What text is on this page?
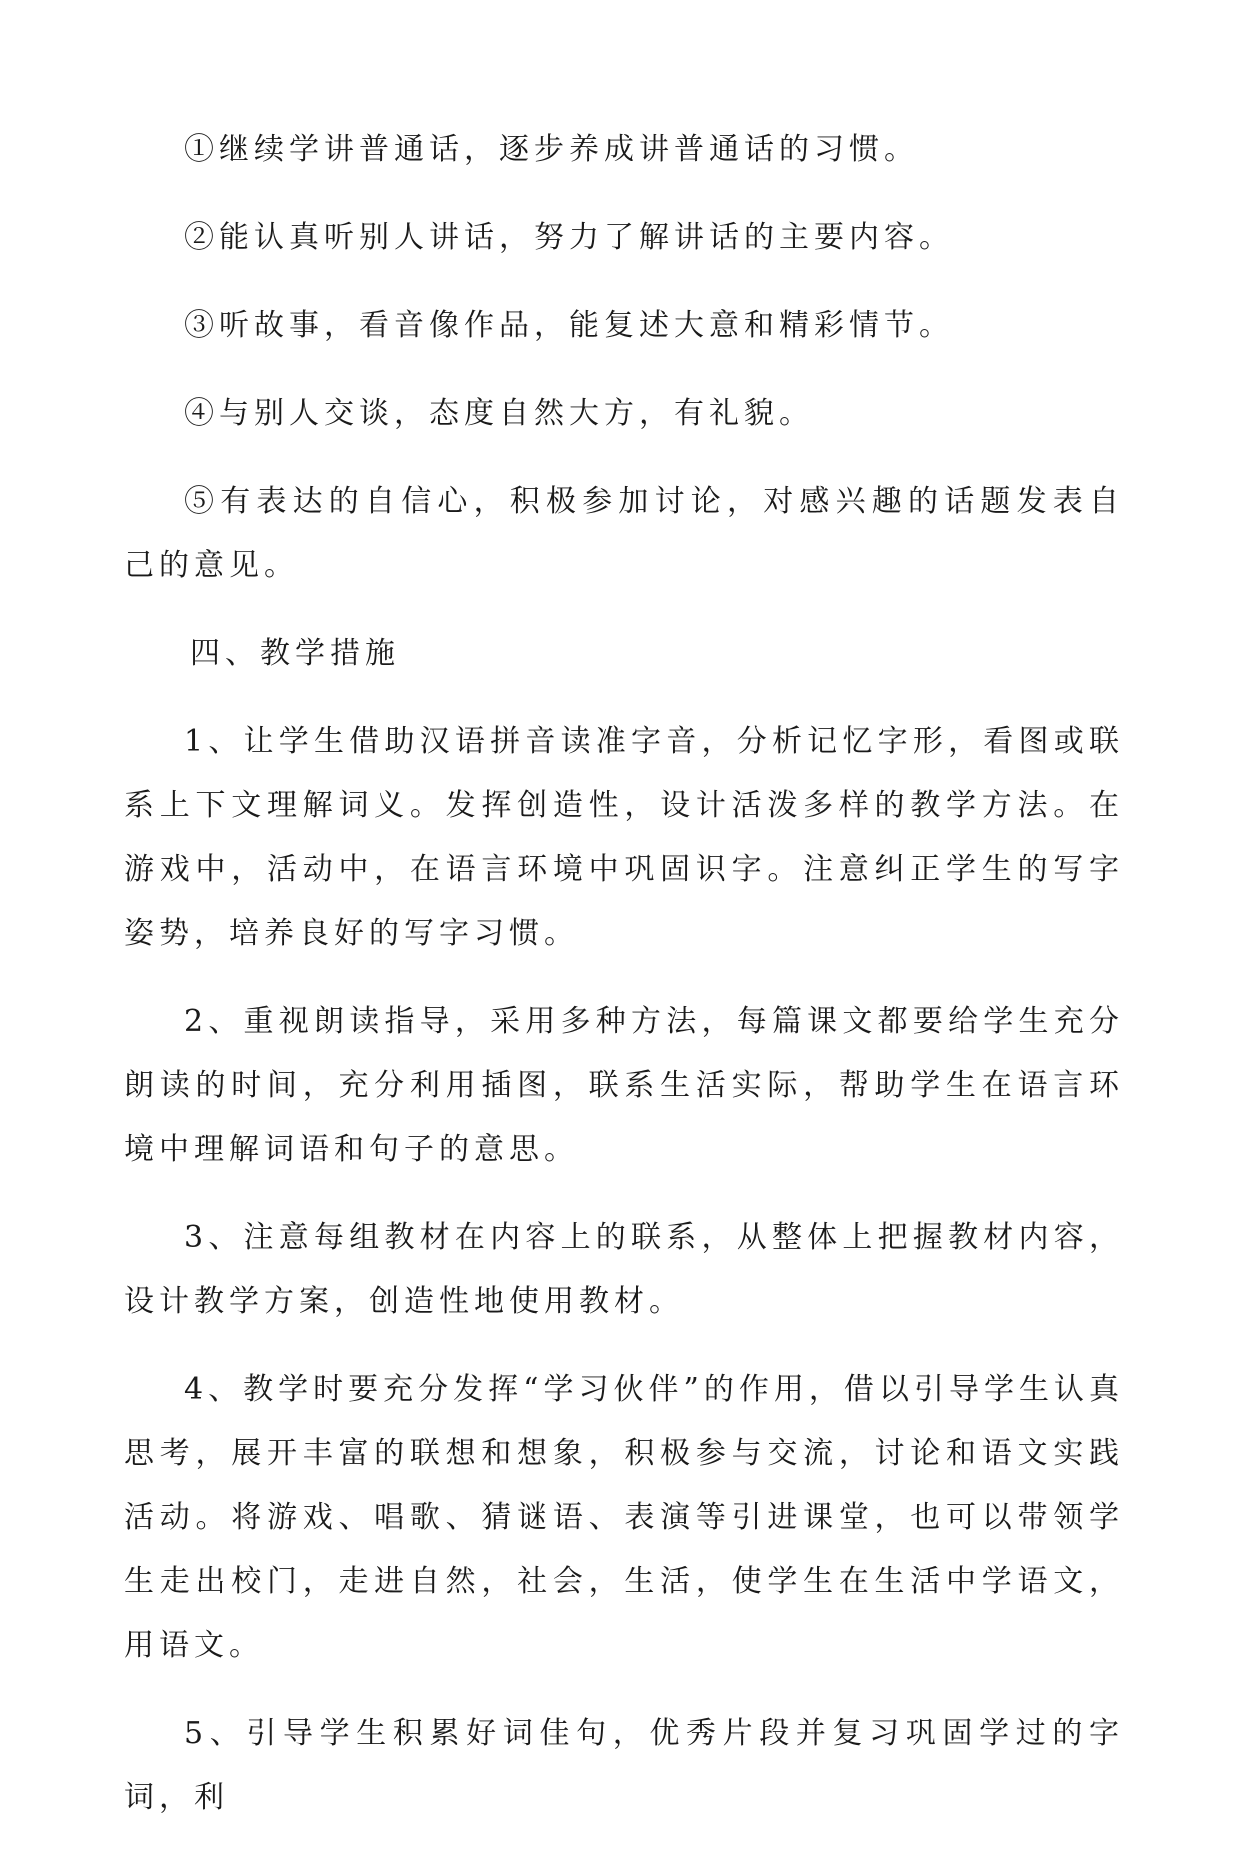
①继续学讲普通话，逐步养成讲普通话的习惯。

②能认真听别人讲话，努力了解讲话的主要内容。

③听故事，看音像作品，能复述大意和精彩情节。

④与别人交谈，态度自然大方，有礼貌。

⑤有表达的自信心，积极参加讨论，对感兴趣的话题发表自己的意见。

四、教学措施

1、让学生借助汉语拼音读准字音，分析记忆字形，看图或联系上下文理解词义。发挥创造性，设计活泼多样的教学方法。在游戏中，活动中，在语言环境中巩固识字。注意纠正学生的写字姿势，培养良好的写字习惯。

2、重视朗读指导，采用多种方法，每篇课文都要给学生充分朗读的时间，充分利用插图，联系生活实际，帮助学生在语言环境中理解词语和句子的意思。

3、注意每组教材在内容上的联系，从整体上把握教材内容，设计教学方案，创造性地使用教材。

4、教学时要充分发挥“学习伙伴”的作用，借以引导学生认真思考，展开丰富的联想和想象，积极参与交流，讨论和语文实践活动。将游戏、唱歌、猜谜语、表演等引进课堂，也可以带领学生走出校门，走进自然，社会，生活，使学生在生活中学语文，用语文。

5、引导学生积累好词佳句，优秀片段并复习巩固学过的字词，利
